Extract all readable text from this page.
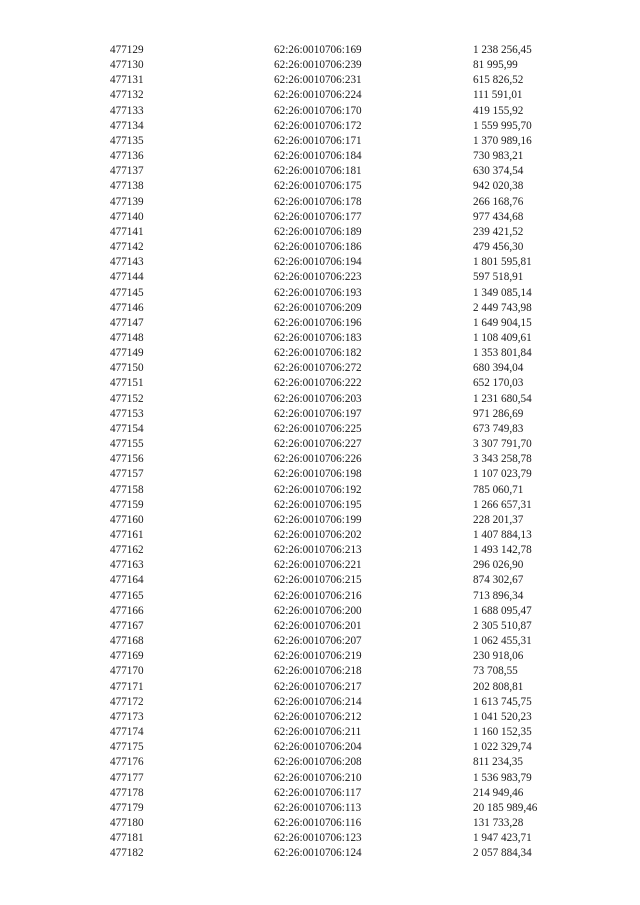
477129	62:26:0010706:169	1 238 256,45
477130	62:26:0010706:239	81 995,99
477131	62:26:0010706:231	615 826,52
477132	62:26:0010706:224	111 591,01
477133	62:26:0010706:170	419 155,92
477134	62:26:0010706:172	1 559 995,70
477135	62:26:0010706:171	1 370 989,16
477136	62:26:0010706:184	730 983,21
477137	62:26:0010706:181	630 374,54
477138	62:26:0010706:175	942 020,38
477139	62:26:0010706:178	266 168,76
477140	62:26:0010706:177	977 434,68
477141	62:26:0010706:189	239 421,52
477142	62:26:0010706:186	479 456,30
477143	62:26:0010706:194	1 801 595,81
477144	62:26:0010706:223	597 518,91
477145	62:26:0010706:193	1 349 085,14
477146	62:26:0010706:209	2 449 743,98
477147	62:26:0010706:196	1 649 904,15
477148	62:26:0010706:183	1 108 409,61
477149	62:26:0010706:182	1 353 801,84
477150	62:26:0010706:272	680 394,04
477151	62:26:0010706:222	652 170,03
477152	62:26:0010706:203	1 231 680,54
477153	62:26:0010706:197	971 286,69
477154	62:26:0010706:225	673 749,83
477155	62:26:0010706:227	3 307 791,70
477156	62:26:0010706:226	3 343 258,78
477157	62:26:0010706:198	1 107 023,79
477158	62:26:0010706:192	785 060,71
477159	62:26:0010706:195	1 266 657,31
477160	62:26:0010706:199	228 201,37
477161	62:26:0010706:202	1 407 884,13
477162	62:26:0010706:213	1 493 142,78
477163	62:26:0010706:221	296 026,90
477164	62:26:0010706:215	874 302,67
477165	62:26:0010706:216	713 896,34
477166	62:26:0010706:200	1 688 095,47
477167	62:26:0010706:201	2 305 510,87
477168	62:26:0010706:207	1 062 455,31
477169	62:26:0010706:219	230 918,06
477170	62:26:0010706:218	73 708,55
477171	62:26:0010706:217	202 808,81
477172	62:26:0010706:214	1 613 745,75
477173	62:26:0010706:212	1 041 520,23
477174	62:26:0010706:211	1 160 152,35
477175	62:26:0010706:204	1 022 329,74
477176	62:26:0010706:208	811 234,35
477177	62:26:0010706:210	1 536 983,79
477178	62:26:0010706:117	214 949,46
477179	62:26:0010706:113	20 185 989,46
477180	62:26:0010706:116	131 733,28
477181	62:26:0010706:123	1 947 423,71
477182	62:26:0010706:124	2 057 884,34
